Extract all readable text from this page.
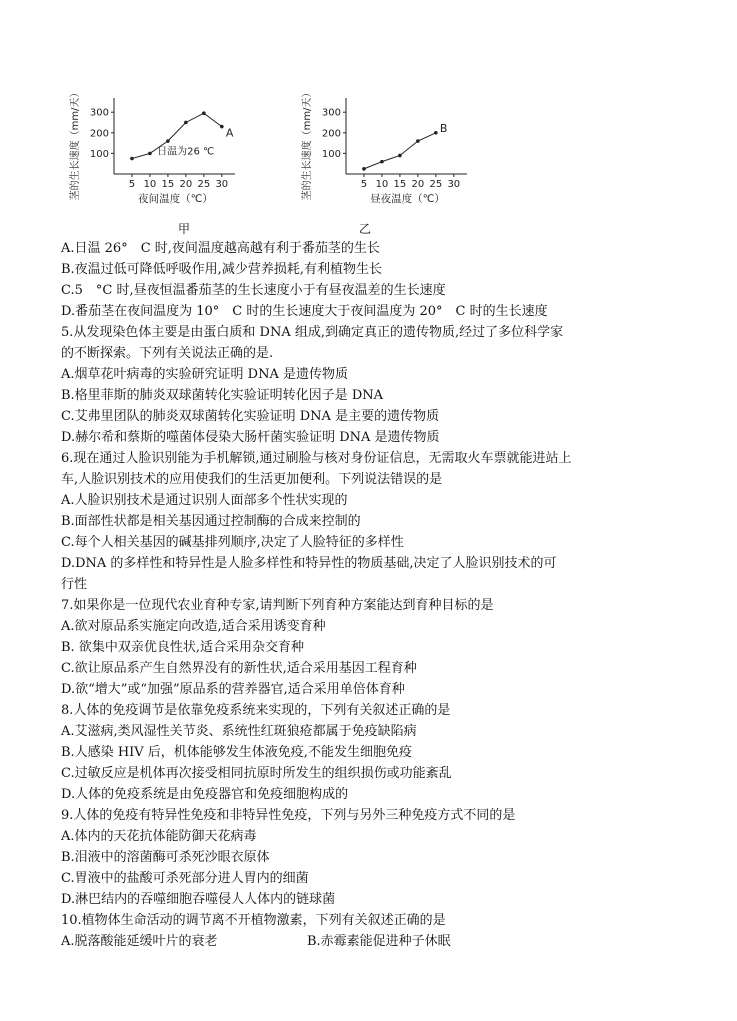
茎的生长速度（mm/天） 100
200
300
5 10 15 20 25 30
夜间温度（℃）
A
日温为26 ℃
甲
茎的生长速度（mm/天） 100
200
300
5 10 15 20 25 30
昼夜温度（℃）
B
乙
A.日温 26°　C 时,夜间温度越高越有利于番茄茎的生长
B.夜温过低可降低呼吸作用,减少营养损耗,有利植物生长
C.5　°C 时,昼夜恒温番茄茎的生长速度小于有昼夜温差的生长速度
D.番茄茎在夜间温度为 10°　C 时的生长速度大于夜间温度为 20°　C 时的生长速度
5.从发现染色体主要是由蛋白质和 DNA 组成,到确定真正的遗传物质,经过了多位科学家
的不断探索。下列有关说法正确的是.
A.烟草花叶病毒的实验研究证明 DNA 是遗传物质
B.格里菲斯的肺炎双球菌转化实验证明转化因子是 DNA
C.艾弗里团队的肺炎双球菌转化实验证明 DNA 是主要的遗传物质
D.赫尔希和蔡斯的噬菌体侵染大肠杆菌实验证明 DNA 是遗传物质
6.现在通过人脸识别能为手机解锁,通过刷脸与核对身份证信息，无需取火车票就能进站上
车,人脸识别技术的应用使我们的生活更加便利。下列说法错误的是
A.人脸识别技术是通过识别人面部多个性状实现的
B.面部性状都是相关基因通过控制酶的合成来控制的
C.每个人相关基因的碱基排列顺序,决定了人脸特征的多样性
D.DNA 的多样性和特异性是人脸多样性和特异性的物质基础,决定了人脸识别技术的可
行性
7.如果你是一位现代农业育种专家,请判断下列育种方案能达到育种目标的是
A.欲对原品系实施定向改造,适合采用诱变育种
B. 欲集中双亲优良性状,适合采用杂交育种
C.欲让原品系产生自然界没有的新性状,适合采用基因工程育种
D.欲“增大”或“加强”原品系的营养器官,适合采用单倍体育种
8.人体的免疫调节是依靠免疫系统来实现的，下列有关叙述正确的是
A.艾滋病,类风湿性关节炎、系统性红斑狼疮都属于免疫缺陷病
B.人感染 HIV 后，机体能够发生体液免疫,不能发生细胞免疫
C.过敏反应是机体再次接受相同抗原时所发生的组织损伤或功能紊乱
D.人体的免疫系统是由免疫器官和免疫细胞构成的
9.人体的免疫有特异性免疫和非特异性免疫，下列与另外三种免疫方式不同的是
A.体内的天花抗体能防御天花病毒
B.泪液中的溶菌酶可杀死沙眼衣原体
C.胃液中的盐酸可杀死部分进人胃内的细菌
D.淋巴结内的吞噬细胞吞噬侵人人体内的链球菌
10.植物体生命活动的调节离不开植物激素，下列有关叙述正确的是
A.脱落酸能延缓叶片的衰老	B.赤霉素能促进种子休眠
